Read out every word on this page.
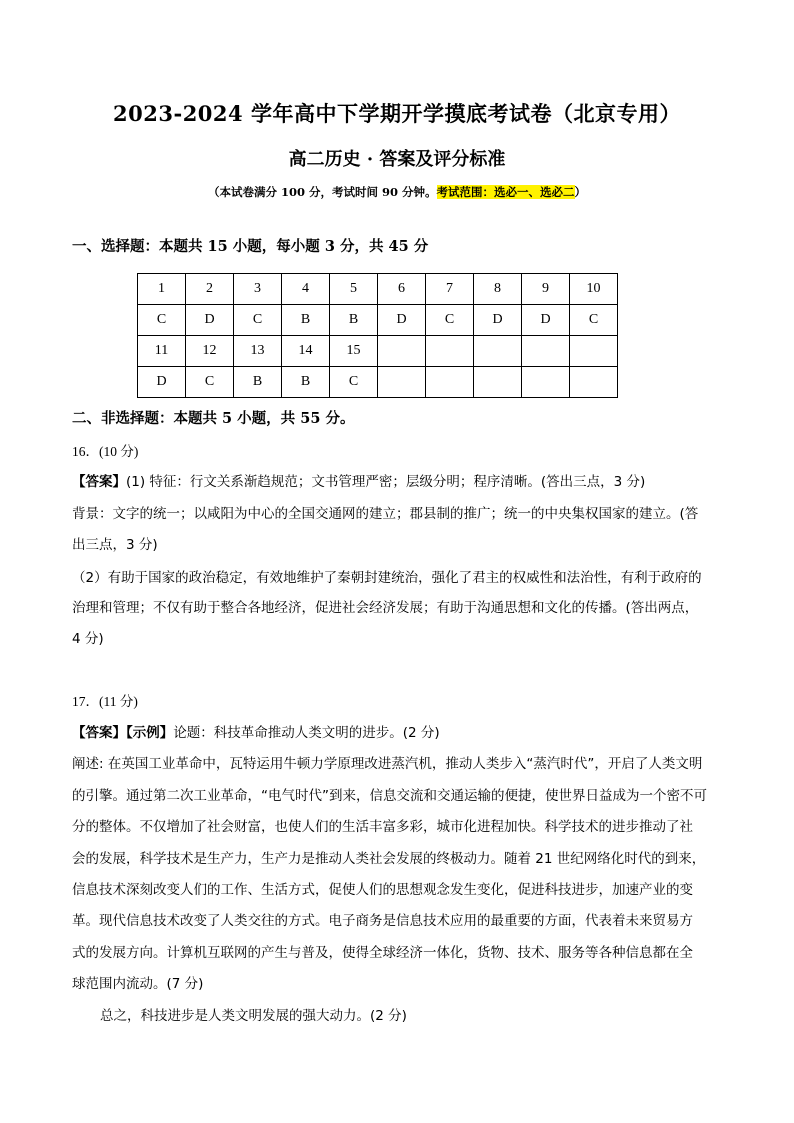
2023-2024 学年高中下学期开学摸底考试卷（北京专用）
高二历史 · 答案及评分标准
（本试卷满分 100 分，考试时间 90 分钟。考试范围：选必一、选必二）
一、选择题：本题共 15 小题，每小题 3 分，共 45 分
1	2	3	4	5	6	7	8	9	10
C	D	C	B	B	D	C	D	D	C
11	12	13	14	15					
D	C	B	B	C					
二、非选择题：本题共 5 小题，共 55 分。
16．(10 分)
【答案】(1) 特征：行文关系渐趋规范；文书管理严密；层级分明；程序清晰。(答出三点，3 分)
背景：文字的统一；以咸阳为中心的全国交通网的建立；郡县制的推广；统一的中央集权国家的建立。(答
出三点，3 分)
（2）有助于国家的政治稳定，有效地维护了秦朝封建统治，强化了君主的权威性和法治性，有利于政府的
治理和管理；不仅有助于整合各地经济，促进社会经济发展；有助于沟通思想和文化的传播。(答出两点，
4 分)
17．(11 分)
【答案】【示例】论题：科技革命推动人类文明的进步。(2 分)
阐述: 在英国工业革命中，瓦特运用牛顿力学原理改进蒸汽机，推动人类步入“蒸汽时代”，开启了人类文明
的引擎。通过第二次工业革命，“电气时代”到来，信息交流和交通运输的便捷，使世界日益成为一个密不可
分的整体。不仅增加了社会财富，也使人们的生活丰富多彩，城市化进程加快。科学技术的进步推动了社
会的发展，科学技术是生产力，生产力是推动人类社会发展的终极动力。随着 21 世纪网络化时代的到来，
信息技术深刻改变人们的工作、生活方式，促使人们的思想观念发生变化，促进科技进步，加速产业的变
革。现代信息技术改变了人类交往的方式。电子商务是信息技术应用的最重要的方面，代表着未来贸易方
式的发展方向。计算机互联网的产生与普及，使得全球经济一体化，货物、技术、服务等各种信息都在全
球范围内流动。(7 分)
总之，科技进步是人类文明发展的强大动力。(2 分)
